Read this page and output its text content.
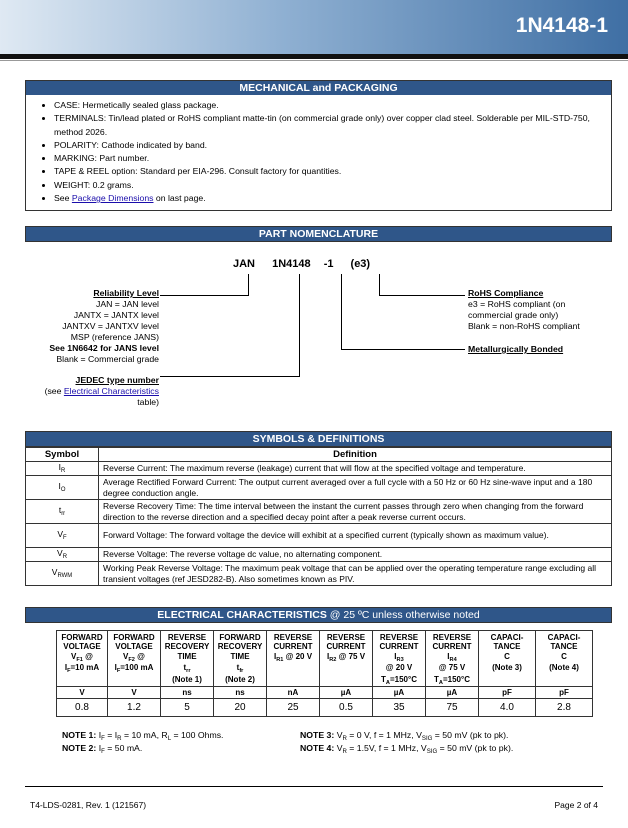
1N4148-1
MECHANICAL and PACKAGING
• CASE: Hermetically sealed glass package.
• TERMINALS: Tin/lead plated or RoHS compliant matte-tin (on commercial grade only) over copper clad steel. Solderable per MIL-STD-750, method 2026.
• POLARITY: Cathode indicated by band.
• MARKING: Part number.
• TAPE & REEL option: Standard per EIA-296. Consult factory for quantities.
• WEIGHT: 0.2 grams.
• See Package Dimensions on last page.
PART NOMENCLATURE
JAN 1N4148 -1 (e3)
Reliability Level
JAN = JAN level
JANTX = JANTX level
JANTXV = JANTXV level
MSP (reference JANS)
See 1N6642 for JANS level
Blank = Commercial grade
JEDEC type number
(see Electrical Characteristics
table)
RoHS Compliance
e3 = RoHS compliant (on
commercial grade only)
Blank = non-RoHS compliant
Metallurgically Bonded
SYMBOLS & DEFINITIONS
Symbol	Definition
$I_R$	Reverse Current: The maximum reverse (leakage) current that will flow at the specified voltage and temperature.
$I_O$	Average Rectified Forward Current: The output current averaged over a full cycle with a 50 Hz or 60 Hz sine-wave input and a 180 degree conduction angle.
$t_{rr}$	Reverse Recovery Time: The time interval between the instant the current passes through zero when changing from the forward direction to the reverse direction and a specified decay point after a peak reverse current occurs.
$V_F$	Forward Voltage: The forward voltage the device will exhibit at a specified current (typically shown as maximum value).
$V_R$	Reverse Voltage: The reverse voltage dc value, no alternating component.
$V_{RWM}$	Working Peak Reverse Voltage: The maximum peak voltage that can be applied over the operating temperature range excluding all transient voltages (ref JESD282-B). Also sometimes known as PIV.
ELECTRICAL CHARACTERISTICS @ 25 ºC unless otherwise noted
FORWARD
VOLTAGE
$V_{F1}$ @
$I_F=10$ mA	FORWARD
VOLTAGE
$V_{F2}$ @
$I_F=100$ mA	REVERSE
RECOVERY
TIME
$t_{rr}$
(Note 1)	FORWARD
RECOVERY
TIME
$t_{fr}$
(Note 2)	REVERSE
CURRENT
$I_{R1}$ @ 20 V	REVERSE
CURRENT
$I_{R2}$ @ 75 V	REVERSE
CURRENT
$I_{R3}$
@ 20 V
$T_A=150^\circ C$	REVERSE
CURRENT
$I_{R4}$
@ 75 V
$T_A=150^\circ C$	CAPACI-
TANCE
C
(Note 3)	CAPACI-
TANCE
C
(Note 4)
V	V	ns	ns	nA	µA	µA	µA	pF	pF
0.8	1.2	5	20	25	0.5	35	75	4.0	2.8
NOTE 1: $I_F = I_R = 10$ mA, $R_L = 100$ Ohms.
NOTE 2: $I_F = 50$ mA.
NOTE 3: $V_R = 0$ V, f = 1 MHz, $V_{SIG} = 50$ mV (pk to pk).
NOTE 4: $V_R = 1.5V$, f = 1 MHz, $V_{SIG} = 50$ mV (pk to pk).
T4-LDS-0281, Rev. 1 (121567)	Page 2 of 4
